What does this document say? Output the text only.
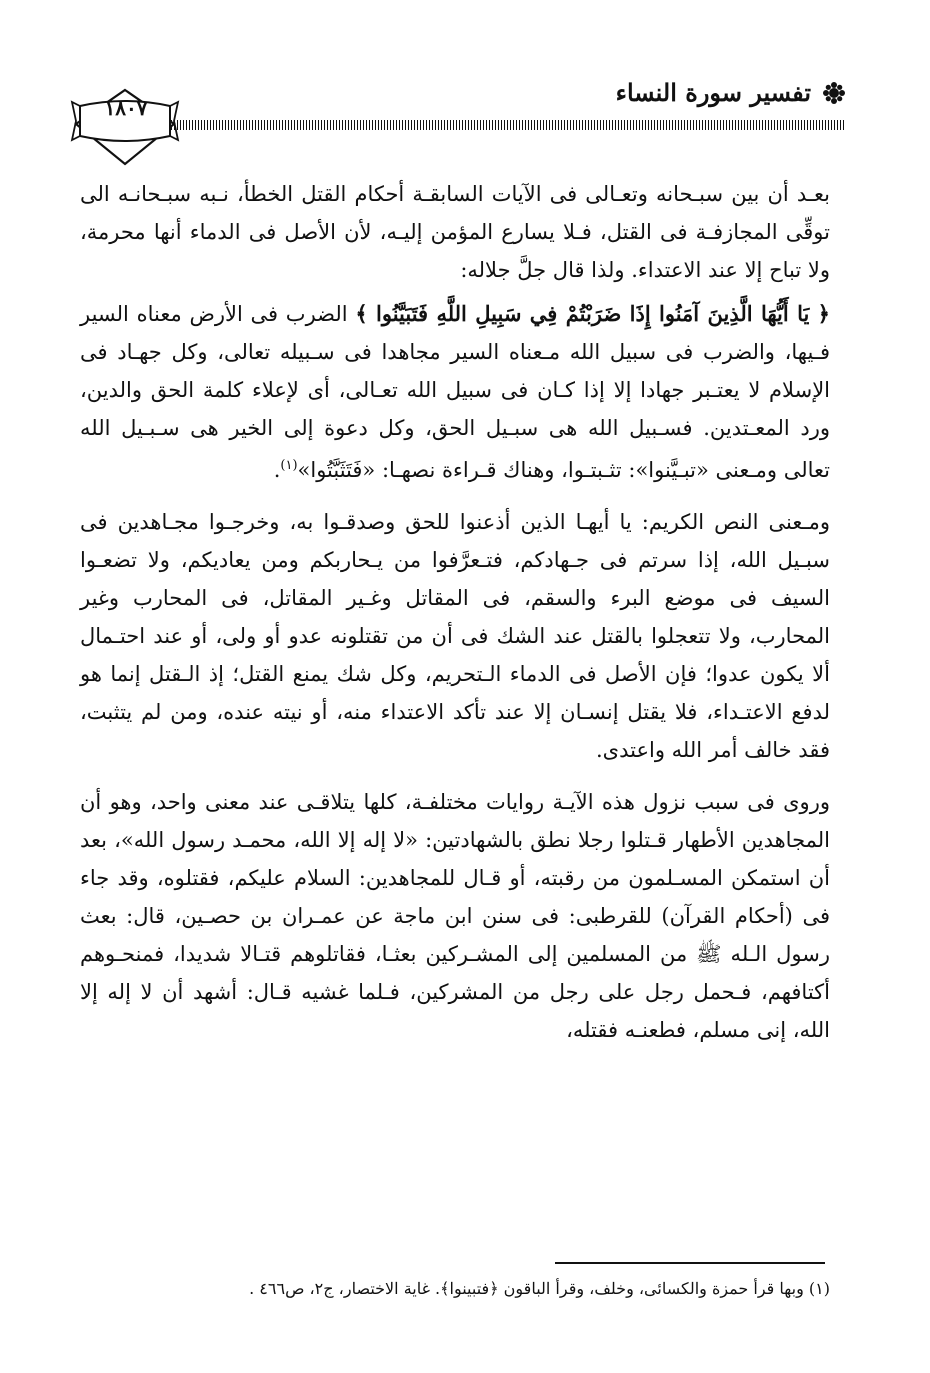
تفسير سورة النساء
١٨٠٧

بعـد أن بين سبـحانه وتعـالى فى الآيات السابقـة أحكام القتل الخطأ، نـبه سبـحانـه الى توقِّى المجازفـة فى القتل، فـلا يسارع المؤمن إليـه، لأن الأصل فى الدماء أنها محرمة، ولا تباح إلا عند الاعتداء. ولذا قال جلَّ جلاله:

﴿ يَا أَيُّهَا الَّذِينَ آمَنُوا إِذَا ضَرَبْتُمْ فِي سَبِيلِ اللَّهِ فَتَبَيَّنُوا ﴾ الضرب فى الأرض معناه السير فـيها، والضرب فى سبيل الله مـعناه السير مجاهدا فى سـبيله تعالى، وكل جهـاد فى الإسلام لا يعتـبر جهادا إلا إذا كـان فى سبيل الله تعـالى، أى لإعلاء كلمة الحق والدين، ورد المعـتدين. فسـبيل الله هى سبـيل الحق، وكل دعوة إلى الخير هى سـبـيل الله تعالى ومـعنى «تبـيَّنوا»: تثـبتـوا، وهناك قـراءة نصهـا: «فَتَثَبَّتُوا»$^{(١)}$.

ومـعنى النص الكريم: يا أيهـا الذين أذعنوا للحق وصدقـوا به، وخرجـوا مجـاهدين فى سبـيل الله، إذا سرتم فى جـهادكم، فتـعرَّفوا من يـحاربكم ومن يعاديكم، ولا تضعـوا السيف فى موضع البرء والسقم، فى المقاتل وغـير المقاتل، فى المحارب وغير المحارب، ولا تتعجلوا بالقتل عند الشك فى أن من تقتلونه عدو أو ولى، أو عند احتـمال ألا يكون عدوا؛ فإن الأصل فى الدماء الـتحريم، وكل شك يمنع القتل؛ إذ الـقتل إنما هو لدفع الاعتـداء، فلا يقتل إنسـان إلا عند تأكد الاعتداء منه، أو نيته عنده، ومن لم يتثبت، فقد خالف أمر الله واعتدى.

وروى فى سبب نزول هذه الآيـة روايات مختلفـة، كلها يتلاقـى عند معنى واحد، وهو أن المجاهدين الأطهار قـتلوا رجلا نطق بالشهادتين: «لا إله إلا الله، محمـد رسول الله»، بعد أن استمكن المسـلمون من رقبته، أو قـال للمجاهدين: السلام عليكم، فقتلوه، وقد جاء فى (أحكام القرآن) للقرطبى: فى سنن ابن ماجة عن عمـران بن حصـين، قال: بعث رسول الـله ﷺ من المسلمين إلى المشـركين بعثـا، فقاتلوهم قتـالا شديدا، فمنحـوهم أكتافهم، فـحمل رجل على رجل من المشركين، فـلما غشيه قـال: أشهد أن لا إله إلا الله، إنى مسلم، فطعنـه فقتله،

(١) وبها قرأ حمزة والكسائى، وخلف، وقرأ الباقون ﴿فتبينوا﴾. غاية الاختصار، ج٢، ص٤٦٦ .
